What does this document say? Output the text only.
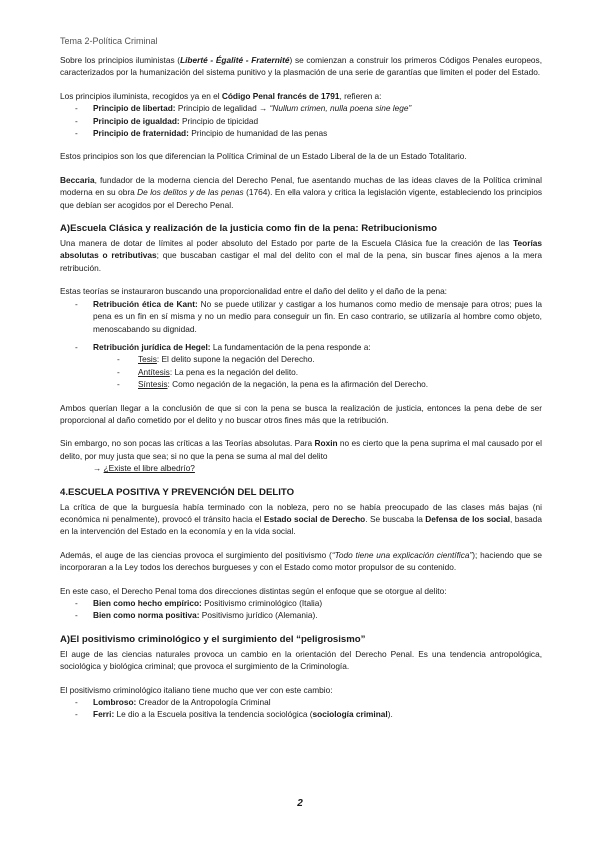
Tema 2-Política Criminal

Sobre los principios iluministas (Liberté - Égalité - Fraternité) se comienzan a construir los primeros Códigos Penales europeos, caracterizados por la humanización del sistema punitivo y la plasmación de una serie de garantías que limiten el poder del Estado.

Los principios iluminista, recogidos ya en el Código Penal francés de 1791, refieren a:

- Principio de libertad: Principio de legalidad → “Nullum crimen, nulla poena sine lege”
- Principio de igualdad: Principio de tipicidad
- Principio de fraternidad: Principio de humanidad de las penas

Estos principios son los que diferencian la Política Criminal de un Estado Liberal de la de un Estado Totalitario.

Beccaria, fundador de la moderna ciencia del Derecho Penal, fue asentando muchas de las ideas claves de la Política criminal moderna en su obra De los delitos y de las penas (1764). En ella valora y critica la legislación vigente, estableciendo los principios que debían ser acogidos por el Derecho Penal.

A)Escuela Clásica y realización de la justicia como fin de la pena: Retribucionismo

Una manera de dotar de límites al poder absoluto del Estado por parte de la Escuela Clásica fue la creación de las Teorías absolutas o retributivas; que buscaban castigar el mal del delito con el mal de la pena, sin buscar fines ajenos a la mera retribución.

Estas teorías se instauraron buscando una proporcionalidad entre el daño del delito y el daño de la pena:

- Retribución ética de Kant: No se puede utilizar y castigar a los humanos como medio de mensaje para otros; pues la pena es un fin en sí misma y no un medio para conseguir un fin. En caso contrario, se utilizaría al hombre como objeto, menoscabando su dignidad.
- Retribución jurídica de Hegel: La fundamentación de la pena responde a:
- Tesis: El delito supone la negación del Derecho.
- Antítesis: La pena es la negación del delito.
- Síntesis: Como negación de la negación, la pena es la afirmación del Derecho.

Ambos querían llegar a la conclusión de que si con la pena se busca la realización de justicia, entonces la pena debe de ser proporcional al daño cometido por el delito y no buscar otros fines más que la retribución.

Sin embargo, no son pocas las críticas a las Teorías absolutas. Para Roxin no es cierto que la pena suprima el mal causado por el delito, por muy justa que sea; si no que la pena se suma al mal del delito

→ ¿Existe el libre albedrío?
4.ESCUELA POSITIVA Y PREVENCIÓN DEL DELITO

La crítica de que la burguesía había terminado con la nobleza, pero no se había preocupado de las clases más bajas (ni económica ni penalmente), provocó el tránsito hacia el Estado social de Derecho. Se buscaba la Defensa de los social, basada en la intervención del Estado en la economía y en la vida social.

Además, el auge de las ciencias provoca el surgimiento del positivismo (“Todo tiene una explicación científica”); haciendo que se incorporaran a la Ley todos los derechos burgueses y con el Estado como motor propulsor de su contenido.

En este caso, el Derecho Penal toma dos direcciones distintas según el enfoque que se otorgue al delito:

- Bien como hecho empírico: Positivismo criminológico (Italia)
- Bien como norma positiva: Positivismo jurídico (Alemania).
A)El positivismo criminológico y el surgimiento del “peligrosismo”

El auge de las ciencias naturales provoca un cambio en la orientación del Derecho Penal. Es una tendencia antropológica, sociológica y biológica criminal; que provoca el surgimiento de la Criminología.

El positivismo criminológico italiano tiene mucho que ver con este cambio:

- Lombroso: Creador de la Antropología Criminal
- Ferri: Le dio a la Escuela positiva la tendencia sociológica (sociología criminal).
2
